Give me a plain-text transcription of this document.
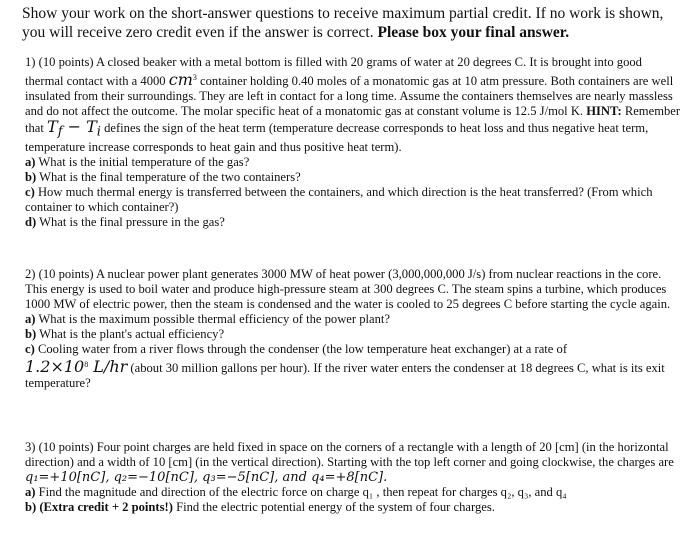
Show your work on the short-answer questions to receive maximum partial credit. If no work is shown, you will receive zero credit even if the answer is correct. Please box your final answer.

1) (10 points) A closed beaker with a metal bottom is filled with 20 grams of water at 20 degrees C. It is brought into good thermal contact with a 4000 $cm^3$ container holding 0.40 moles of a monatomic gas at 10 atm pressure. Both containers are well insulated from their surroundings. They are left in contact for a long time. Assume the containers themselves are nearly massless and do not affect the outcome. The molar specific heat of a monatomic gas at constant volume is 12.5 J/mol K. HINT: Remember that $T_f - T_i$ defines the sign of the heat term (temperature decrease corresponds to heat loss and thus negative heat term, temperature increase corresponds to heat gain and thus positive heat term).

a) What is the initial temperature of the gas?

b) What is the final temperature of the two containers?

c) How much thermal energy is transferred between the containers, and which direction is the heat transferred? (From which container to which container?)

d) What is the final pressure in the gas?

2) (10 points) A nuclear power plant generates 3000 MW of heat power (3,000,000,000 J/s) from nuclear reactions in the core. This energy is used to boil water and produce high-pressure steam at 300 degrees C. The steam spins a turbine, which produces 1000 MW of electric power, then the steam is condensed and the water is cooled to 25 degrees C before starting the cycle again.

a) What is the maximum possible thermal efficiency of the power plant?

b) What is the plant's actual efficiency?

c) Cooling water from a river flows through the condenser (the low temperature heat exchanger) at a rate of
$1.2\times 10^8$ L/hr (about 30 million gallons per hour). If the river water enters the condenser at 18 degrees C, what is its exit temperature?

3) (10 points) Four point charges are held fixed in space on the corners of a rectangle with a length of 20 [cm] (in the horizontal direction) and a width of 10 [cm] (in the vertical direction). Starting with the top left corner and going clockwise, the charges are q₁=+10[nC], q₂=−10[nC], q₃=−5[nC], and q₄=+8[nC].

a) Find the magnitude and direction of the electric force on charge q₁ , then repeat for charges q₂, q₃, and q₄

b) (Extra credit + 2 points!) Find the electric potential energy of the system of four charges.
